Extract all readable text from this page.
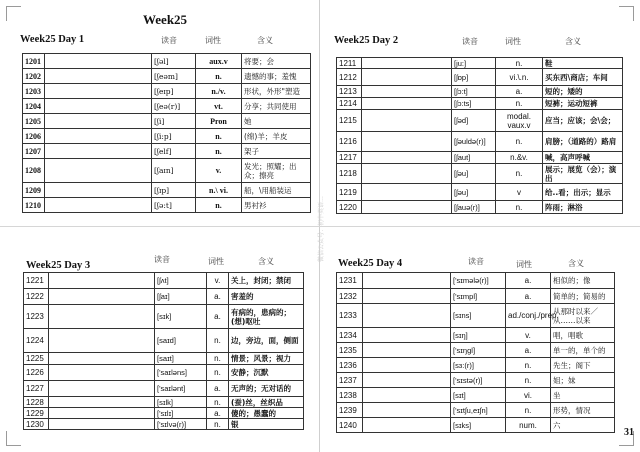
Week25
微信公众号：初中英语…
Week25 Day 1	读音	词性	含义
1201		[ʃəl]	aux.v	将要；会
1202		[ʃeəm]	n.	遗憾的事；羞愧
1203		[ʃeɪp]	n./v.	形状，外形"塑造
1204		[ʃeə(r)]	vt.	分享；共同使用
1205		[ʃi]	Pron	她
1206		[ʃi:p]	n.	(绵)羊；羊皮
1207		[ʃelf]	n.	架子
1208		[ʃaɪn]	v.	发光；照耀；出众；擦亮
1209		[ʃɪp]	n.\ vi.	船，\用船装运
1210		[ʃə:t]	n.	男衬衫
Week25 Day 2	读音	词性	含义
1211		[ju:]	n.	鞋
1212		[ʃɒp]	vi.\.n.	买东西\商店；车间
1213		[ʃɔ:t]	a.	短的；矮的
1214		[ʃɔ:ts]	n.	短裤；运动短裤
1215		[ʃəd]	modal. vaux.v	应当；应该；会\会；
1216		[ʃəuldə(r)]	n.	肩膀；（道路的）路肩
1217		[ʃaut]	n.&v.	喊，高声呼喊
1218		[ʃəu]	n.	展示；展览（会）；演出
1219		[ʃəu]	v	给..看；出示；显示
1220		[ʃauə(r)]	n.	阵雨；淋浴
Week25 Day 3
读音	词性	含义
1221		[ʃʌt]	v.	关上，封闭；禁闭
1222		[ʃaɪ]	a.	害羞的
1223		[sɪk]	a.	有病的，患病的；(想)呕吐
1224		[saɪd]	n.	边，旁边，面，侧面
1225		[saɪt]	n.	情景；风景；视力
1226		['saɪləns]	n.	安静；沉默
1227		['saɪlənt]	a.	无声的；无对话的
1228		[sɪlk]	n.	(蚕)丝，丝织品
1229		['sɪlɪ]	a.	傻的；愚蠢的
1230		['sɪlvə(r)]	n.	银
Week25 Day 4	读音	词性	含义
1231		['sɪmələ(r)]	a.	相似的；像
1232		['sɪmpl]	a.	简单的；简易的
1233		[sɪns]	ad./conj./prep.	从那时以来／从……以来
1234		[sɪŋ]	v.	唱，唱歌
1235		['sɪŋgl]	a.	单一的，单个的
1236		[sɜ:(r)]	n.	先生；阁下
1237		['sɪstə(r)]	n.	姐；妹
1238		[sɪt]	vi.	坐
1239		['sɪtʃu,eɪʃn]	n.	形势，情况
1240		[sɪks]	num.	六
31
